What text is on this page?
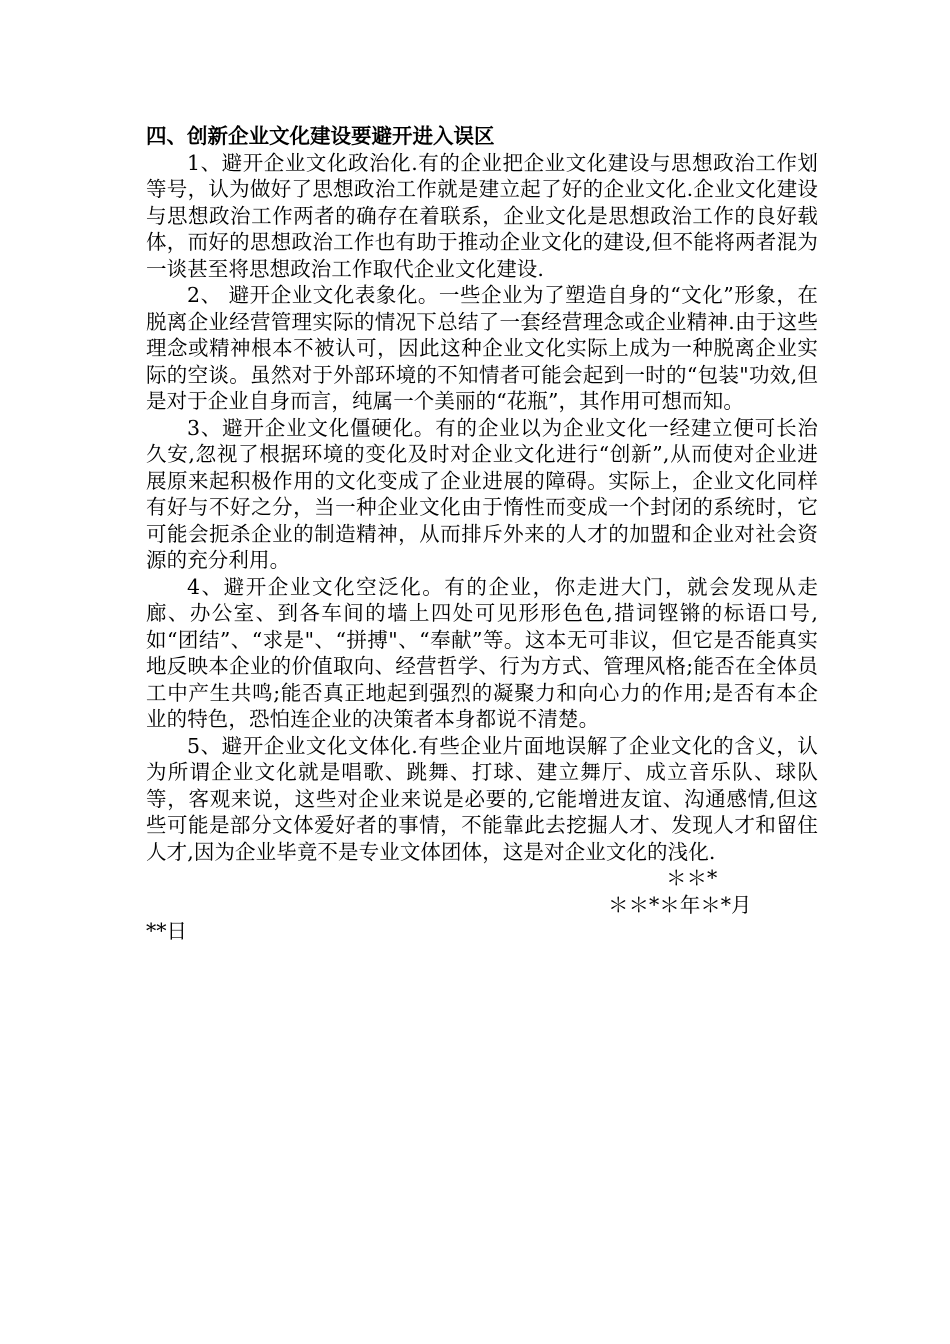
四、创新企业文化建设要避开进入误区

1、避开企业文化政治化.有的企业把企业文化建设与思想政治工作划等号，认为做好了思想政治工作就是建立起了好的企业文化.企业文化建设与思想政治工作两者的确存在着联系，企业文化是思想政治工作的良好载体，而好的思想政治工作也有助于推动企业文化的建设,但不能将两者混为一谈甚至将思想政治工作取代企业文化建设.

2、 避开企业文化表象化。一些企业为了塑造自身的“文化”形象，在脱离企业经营管理实际的情况下总结了一套经营理念或企业精神.由于这些理念或精神根本不被认可，因此这种企业文化实际上成为一种脱离企业实际的空谈。虽然对于外部环境的不知情者可能会起到一时的“包装"功效,但是对于企业自身而言，纯属一个美丽的“花瓶”，其作用可想而知。

3、避开企业文化僵硬化。有的企业以为企业文化一经建立便可长治久安,忽视了根据环境的变化及时对企业文化进行“创新”,从而使对企业进展原来起积极作用的文化变成了企业进展的障碍。实际上，企业文化同样有好与不好之分，当一种企业文化由于惰性而变成一个封闭的系统时，它可能会扼杀企业的制造精神，从而排斥外来的人才的加盟和企业对社会资源的充分利用。

4、避开企业文化空泛化。有的企业，你走进大门，就会发现从走廊、办公室、到各车间的墙上四处可见形形色色,措词铿锵的标语口号,如“团结”、“求是"、“拼搏"、“奉献”等。这本无可非议，但它是否能真实地反映本企业的价值取向、经营哲学、行为方式、管理风格;能否在全体员工中产生共鸣;能否真正地起到强烈的凝聚力和向心力的作用;是否有本企业的特色，恐怕连企业的决策者本身都说不清楚。

5、避开企业文化文体化.有些企业片面地误解了企业文化的含义，认为所谓企业文化就是唱歌、跳舞、打球、建立舞厅、成立音乐队、球队等，客观来说，这些对企业来说是必要的,它能增进友谊、沟通感情,但这些可能是部分文体爱好者的事情，不能靠此去挖掘人才、发现人才和留住人才,因为企业毕竟不是专业文体团体，这是对企业文化的浅化.

＊＊*

＊＊*＊年＊*月

**日
